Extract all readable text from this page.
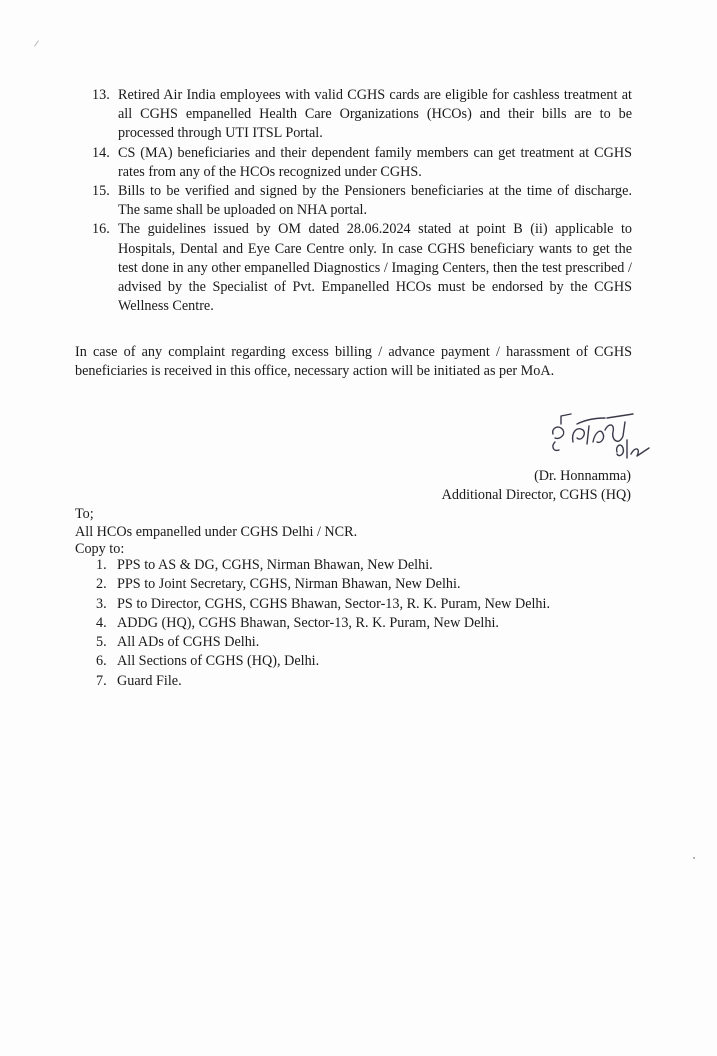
13. Retired Air India employees with valid CGHS cards are eligible for cashless treatment at all CGHS empanelled Health Care Organizations (HCOs) and their bills are to be processed through UTI ITSL Portal.
14. CS (MA) beneficiaries and their dependent family members can get treatment at CGHS rates from any of the HCOs recognized under CGHS.
15. Bills to be verified and signed by the Pensioners beneficiaries at the time of discharge. The same shall be uploaded on NHA portal.
16. The guidelines issued by OM dated 28.06.2024 stated at point B (ii) applicable to Hospitals, Dental and Eye Care Centre only. In case CGHS beneficiary wants to get the test done in any other empanelled Diagnostics / Imaging Centers, then the test prescribed / advised by the Specialist of Pvt. Empanelled HCOs must be endorsed by the CGHS Wellness Centre.

In case of any complaint regarding excess billing / advance payment / harassment of CGHS beneficiaries is received in this office, necessary action will be initiated as per MoA.

(Dr. Honnamma)

Additional Director, CGHS (HQ)

To;

All HCOs empanelled under CGHS Delhi / NCR.

Copy to:

1. PPS to AS & DG, CGHS, Nirman Bhawan, New Delhi.
2. PPS to Joint Secretary, CGHS, Nirman Bhawan, New Delhi.
3. PS to Director, CGHS, CGHS Bhawan, Sector-13, R. K. Puram, New Delhi.
4. ADDG (HQ), CGHS Bhawan, Sector-13, R. K. Puram, New Delhi.
5. All ADs of CGHS Delhi.
6. All Sections of CGHS (HQ), Delhi.
7. Guard File.
